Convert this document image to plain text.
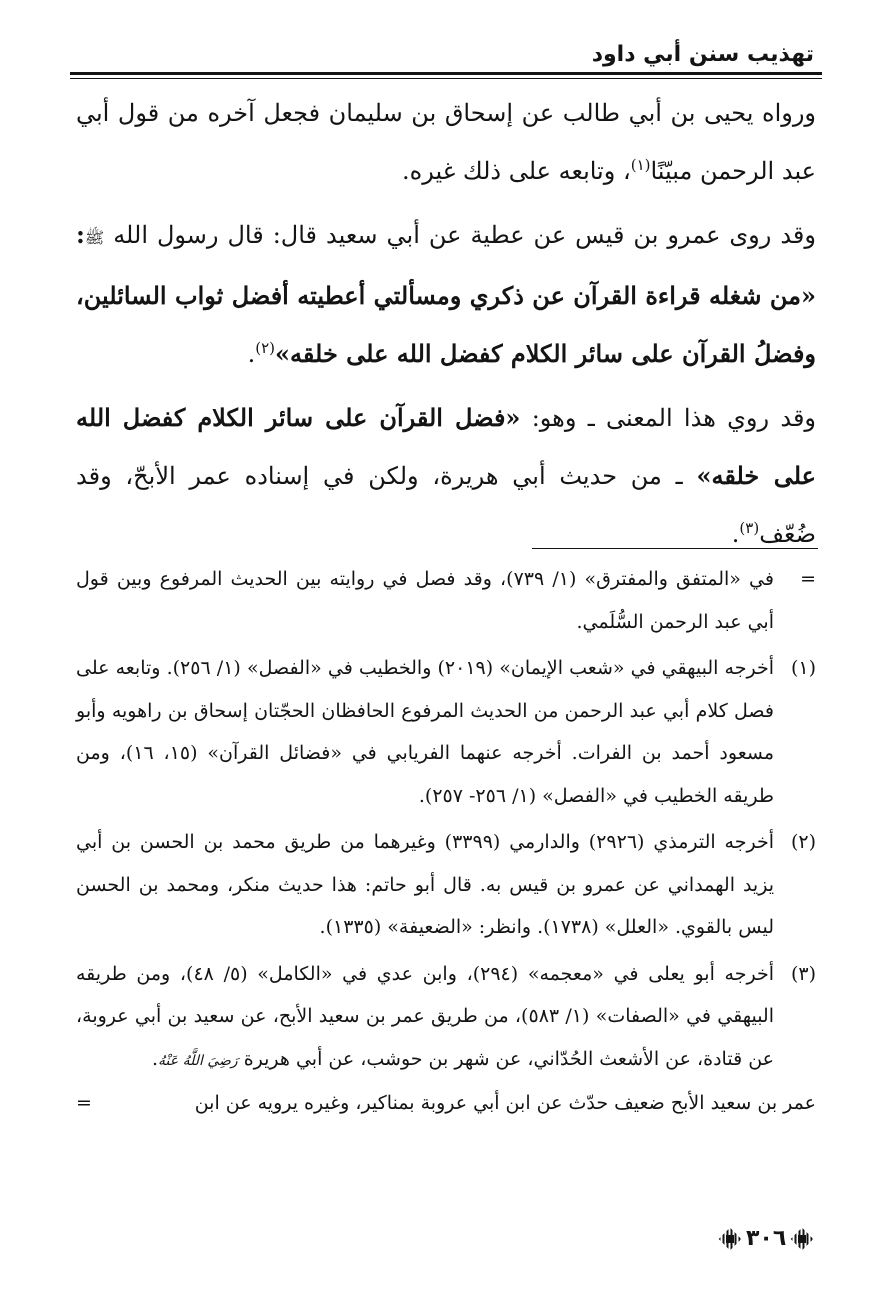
تهذيب سنن أبي داود

ورواه يحيى بن أبي طالب عن إسحاق بن سليمان فجعل آخره من قول أبي عبد الرحمن مبيّنًا$^{(١)}$، وتابعه على ذلك غيره.

وقد روى عمرو بن قيس عن عطية عن أبي سعيد قال: قال رسول الله ﷺ: «من شغله قراءة القرآن عن ذكري ومسألتي أعطيته أفضل ثواب السائلين، وفضلُ القرآن على سائر الكلام كفضل الله على خلقه»$^{(٢)}$.

وقد روي هذا المعنى ـ وهو: «فضل القرآن على سائر الكلام كفضل الله على خلقه» ـ من حديث أبي هريرة، ولكن في إسناده عمر الأبحّ، وقد ضُعّف$^{(٣)}$.

=
في «المتفق والمفترق» (١/ ٧٣٩)، وقد فصل في روايته بين الحديث المرفوع وبين قول أبي عبد الرحمن السُّلَمي.
(١)
أخرجه البيهقي في «شعب الإيمان» (٢٠١٩) والخطيب في «الفصل» (١/ ٢٥٦). وتابعه على فصل كلام أبي عبد الرحمن من الحديث المرفوع الحافظان الحجّتان إسحاق بن راهويه وأبو مسعود أحمد بن الفرات. أخرجه عنهما الفريابي في «فضائل القرآن» (١٥، ١٦)، ومن طريقه الخطيب في «الفصل» (١/ ٢٥٦- ٢٥٧).
(٢)
أخرجه الترمذي (٢٩٢٦) والدارمي (٣٣٩٩) وغيرهما من طريق محمد بن الحسن بن أبي يزيد الهمداني عن عمرو بن قيس به. قال أبو حاتم: هذا حديث منكر، ومحمد بن الحسن ليس بالقوي. «العلل» (١٧٣٨). وانظر: «الضعيفة» (١٣٣٥).
(٣)
أخرجه أبو يعلى في «معجمه» (٢٩٤)، وابن عدي في «الكامل» (٥/ ٤٨)، ومن طريقه البيهقي في «الصفات» (١/ ٥٨٣)، من طريق عمر بن سعيد الأبح، عن سعيد بن أبي عروبة، عن قتادة، عن الأشعث الحُدّاني، عن شهر بن حوشب، عن أبي هريرة رَضِيَ اللَّهُ عَنْهُ.
عمر بن سعيد الأبح ضعيف حدّث عن ابن أبي عروبة بمناكير، وغيره يرويه عن ابن
=
٣٠٦
